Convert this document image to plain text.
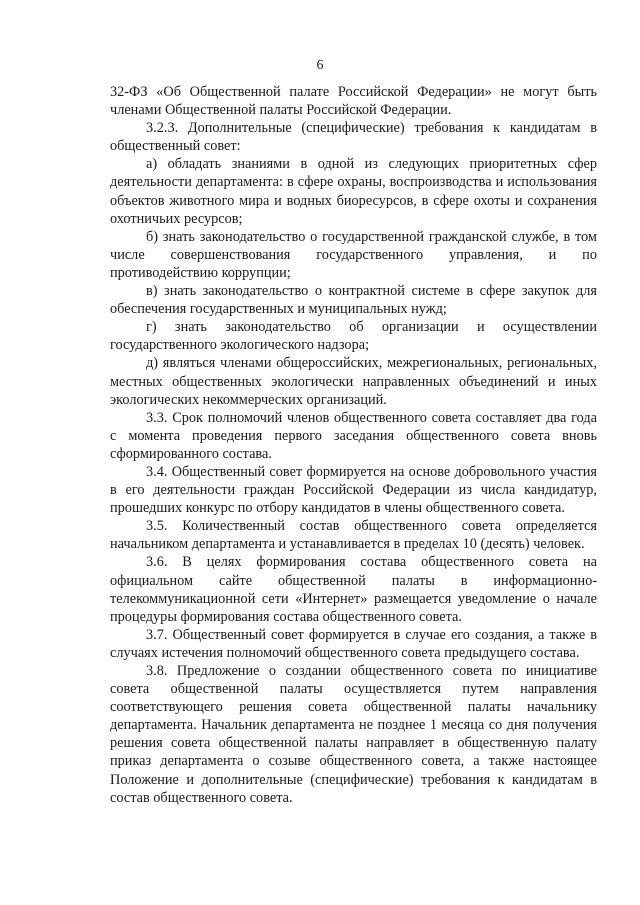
6

32-ФЗ «Об Общественной палате Российской Федерации» не могут быть членами Общественной палаты Российской Федерации.

3.2.3. Дополнительные (специфические) требования к кандидатам в общественный совет:

а) обладать знаниями в одной из следующих приоритетных сфер деятельности департамента: в сфере охраны, воспроизводства и использования объектов животного мира и водных биоресурсов, в сфере охоты и сохранения охотничьих ресурсов;

б) знать законодательство о государственной гражданской службе, в том числе совершенствования государственного управления, и по противодействию коррупции;

в) знать законодательство о контрактной системе в сфере закупок для обеспечения государственных и муниципальных нужд;

г) знать законодательство об организации и осуществлении государственного экологического надзора;

д) являться членами общероссийских, межрегиональных, региональных, местных общественных экологически направленных объединений и иных экологических некоммерческих организаций.

3.3. Срок полномочий членов общественного совета составляет два года с момента проведения первого заседания общественного совета вновь сформированного состава.

3.4. Общественный совет формируется на основе добровольного участия в его деятельности граждан Российской Федерации из числа кандидатур, прошедших конкурс по отбору кандидатов в члены общественного совета.

3.5. Количественный состав общественного совета определяется начальником департамента и устанавливается в пределах 10 (десять) человек.

3.6. В целях формирования состава общественного совета на официальном сайте общественной палаты в информационно-телекоммуникационной сети «Интернет» размещается уведомление о начале процедуры формирования состава общественного совета.

3.7. Общественный совет формируется в случае его создания, а также в случаях истечения полномочий общественного совета предыдущего состава.

3.8. Предложение о создании общественного совета по инициативе совета общественной палаты осуществляется путем направления соответствующего решения совета общественной палаты начальнику департамента. Начальник департамента не позднее 1 месяца со дня получения решения совета общественной палаты направляет в общественную палату приказ департамента о созыве общественного совета, а также настоящее Положение и дополнительные (специфические) требования к кандидатам в состав общественного совета.
